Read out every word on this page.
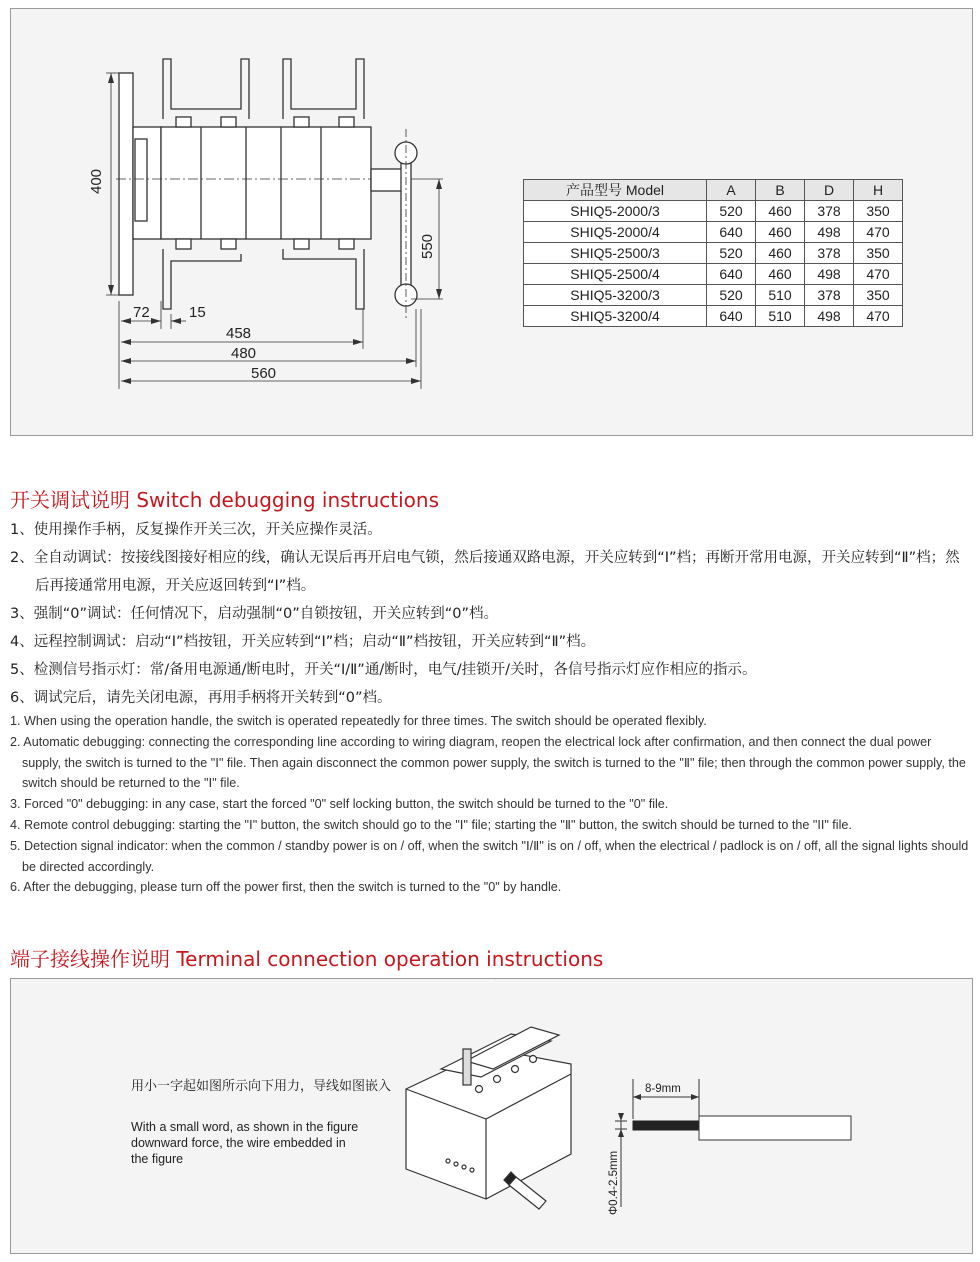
400
550
72	15
458
480
560
产品型号 Model	A	B	D	H
SHIQ5-2000/3	520	460	378	350
SHIQ5-2000/4	640	460	498	470
SHIQ5-2500/3	520	460	378	350
SHIQ5-2500/4	640	460	498	470
SHIQ5-3200/3	520	510	378	350
SHIQ5-3200/4	640	510	498	470
开关调试说明 Switch debugging instructions

1、使用操作手柄，反复操作开关三次，开关应操作灵活。

2、全自动调试：按接线图接好相应的线，确认无误后再开启电气锁，然后接通双路电源，开关应转到“Ⅰ”档；再断开常用电源，开关应转到“Ⅱ”档；然后再接通常用电源，开关应返回转到“Ⅰ”档。

3、强制“0”调试：任何情况下，启动强制“0”自锁按钮，开关应转到“0”档。

4、远程控制调试：启动“Ⅰ”档按钮，开关应转到“Ⅰ”档；启动“Ⅱ”档按钮，开关应转到“Ⅱ”档。

5、检测信号指示灯：常/备用电源通/断电时，开关“Ⅰ/Ⅱ”通/断时，电气/挂锁开/关时，各信号指示灯应作相应的指示。

6、调试完后，请先关闭电源，再用手柄将开关转到“0”档。

1. When using the operation handle, the switch is operated repeatedly for three times. The switch should be operated flexibly.

2. Automatic debugging: connecting the corresponding line according to wiring diagram, reopen the electrical lock after confirmation, and then connect the dual power supply, the switch is turned to the "Ⅰ" file. Then again disconnect the common power supply, the switch is turned to the "Ⅱ" file; then through the common power supply, the switch should be returned to the "Ⅰ" file.

3. Forced "0" debugging: in any case, start the forced "0" self locking button, the switch should be turned to the "0" file.

4. Remote control debugging: starting the "Ⅰ" button, the switch should go to the "Ⅰ" file; starting the "Ⅱ" button, the switch should be turned to the "II" file.

5. Detection signal indicator: when the common / standby power is on / off, when the switch "Ⅰ/Ⅱ" is on / off, when the electrical / padlock is on / off, all the signal lights should be directed accordingly.

6. After the debugging, please turn off the power first, then the switch is turned to the "0" by handle.

端子接线操作说明 Terminal connection operation instructions
8-9mm
Φ0.4-2.5mm
用小一字起如图所示向下用力，导线如图嵌入
With a small word, as shown in the figure downward force, the wire embedded in the figure
